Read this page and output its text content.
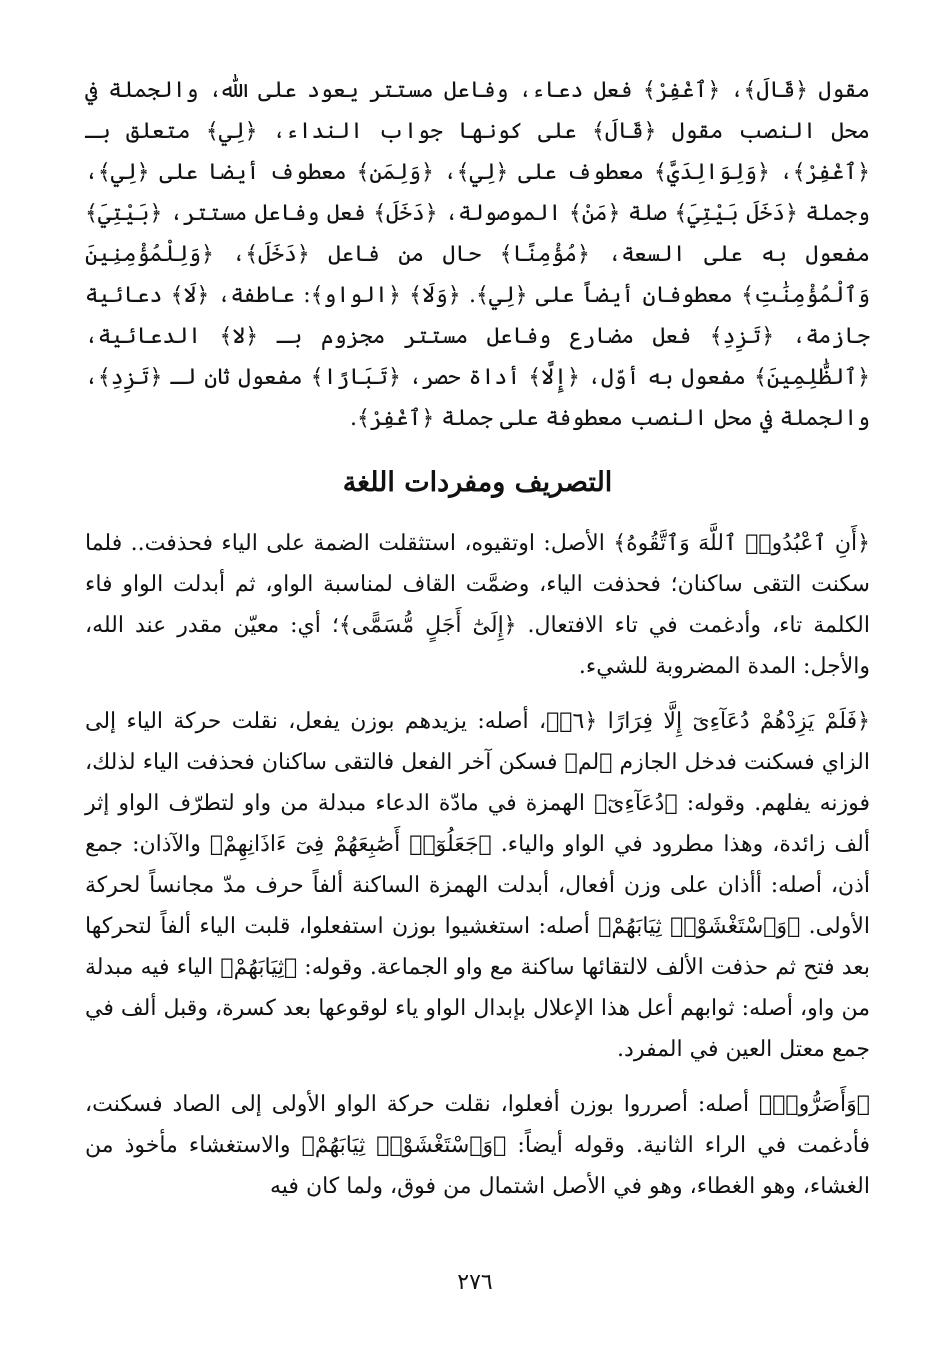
مقول ﴿قَالَ﴾، ﴿ٱغْفِرْ﴾ فعل دعاء، وفاعل مستتر يعود على اللّٰه، والجملة في محل النصب مقول ﴿قَالَ﴾ على كونها جواب النداء، ﴿لِي﴾ متعلق بـ ﴿ٱغْفِرْ﴾، ﴿وَلِوَالِدَيَّ﴾ معطوف على ﴿لِي﴾، ﴿وَلِمَن﴾ معطوف أيضا على ﴿لِي﴾، وجملة ﴿دَخَلَ بَيْتِيَ﴾ صلة ﴿مَنْ﴾ الموصولة، ﴿دَخَلَ﴾ فعل وفاعل مستتر، ﴿بَيْتِيَ﴾ مفعول به على السعة، ﴿مُؤْمِنًا﴾ حال من فاعل ﴿دَخَلَ﴾، ﴿وَلِلْمُؤْمِنِينَ وَٱلْمُؤْمِنَٰتِ﴾ معطوفان أيضاً على ﴿لِي﴾. ﴿وَلَا﴾ ﴿الواو﴾: عاطفة، ﴿لَا﴾ دعائية جازمة، ﴿تَزِدِ﴾ فعل مضارع وفاعل مستتر مجزوم بـ ﴿لا﴾ الدعائية، ﴿ٱلظَّٰلِمِينَ﴾ مفعول به أوّل، ﴿إِلَّا﴾ أداة حصر، ﴿تَبَارًا﴾ مفعول ثان لـ ﴿تَزِدِ﴾، والجملة في محل النصب معطوفة على جملة ﴿ٱغْفِرْ﴾.

التصريف ومفردات اللغة

﴿أَنِ ٱعْبُدُوا۟ ٱللَّهَ وَٱتَّقُوهُ﴾ الأصل: اوتقيوه، استثقلت الضمة على الياء فحذفت.. فلما سكنت التقى ساكنان؛ فحذفت الياء، وضمَّت القاف لمناسبة الواو، ثم أبدلت الواو فاء الكلمة تاء، وأدغمت في تاء الافتعال. ﴿إِلَىٰٓ أَجَلٍ مُّسَمًّى﴾؛ أي: معيّن مقدر عند الله، والأجل: المدة المضروبة للشيء.

﴿فَلَمْ يَزِدْهُمْ دُعَآءِىٓ إِلَّا فِرَارًا ﴿٦﴾﴾، أصله: يزيدهم بوزن يفعل، نقلت حركة الياء إلى الزاي فسكنت فدخل الجازم ﴿لم﴾ فسكن آخر الفعل فالتقى ساكنان فحذفت الياء لذلك، فوزنه يفلهم. وقوله: ﴿دُعَآءِىٓ﴾ الهمزة في مادّة الدعاء مبدلة من واو لتطرّف الواو إثر ألف زائدة، وهذا مطرود في الواو والياء. ﴿جَعَلُوٓا۟ أَصَٰبِعَهُمْ فِىٓ ءَاذَانِهِمْ﴾ والآذان: جمع أذن، أصله: أأذان على وزن أفعال، أبدلت الهمزة الساكنة ألفاً حرف مدّ مجانساً لحركة الأولى. ﴿وَٱسْتَغْشَوْا۟ ثِيَابَهُمْ﴾ أصله: استغشيوا بوزن استفعلوا، قلبت الياء ألفاً لتحركها بعد فتح ثم حذفت الألف لالتقائها ساكنة مع واو الجماعة. وقوله: ﴿ثِيَابَهُمْ﴾ الياء فيه مبدلة من واو، أصله: ثوابهم أعل هذا الإعلال بإبدال الواو ياء لوقوعها بعد كسرة، وقبل ألف في جمع معتل العين في المفرد.

﴿وَأَصَرُّوا۟﴾ أصله: أصرروا بوزن أفعلوا، نقلت حركة الواو الأولى إلى الصاد فسكنت، فأدغمت في الراء الثانية. وقوله أيضاً: ﴿وَٱسْتَغْشَوْا۟ ثِيَابَهُمْ﴾ والاستغشاء مأخوذ من الغشاء، وهو الغطاء، وهو في الأصل اشتمال من فوق، ولما كان فيه

٢٧٦
